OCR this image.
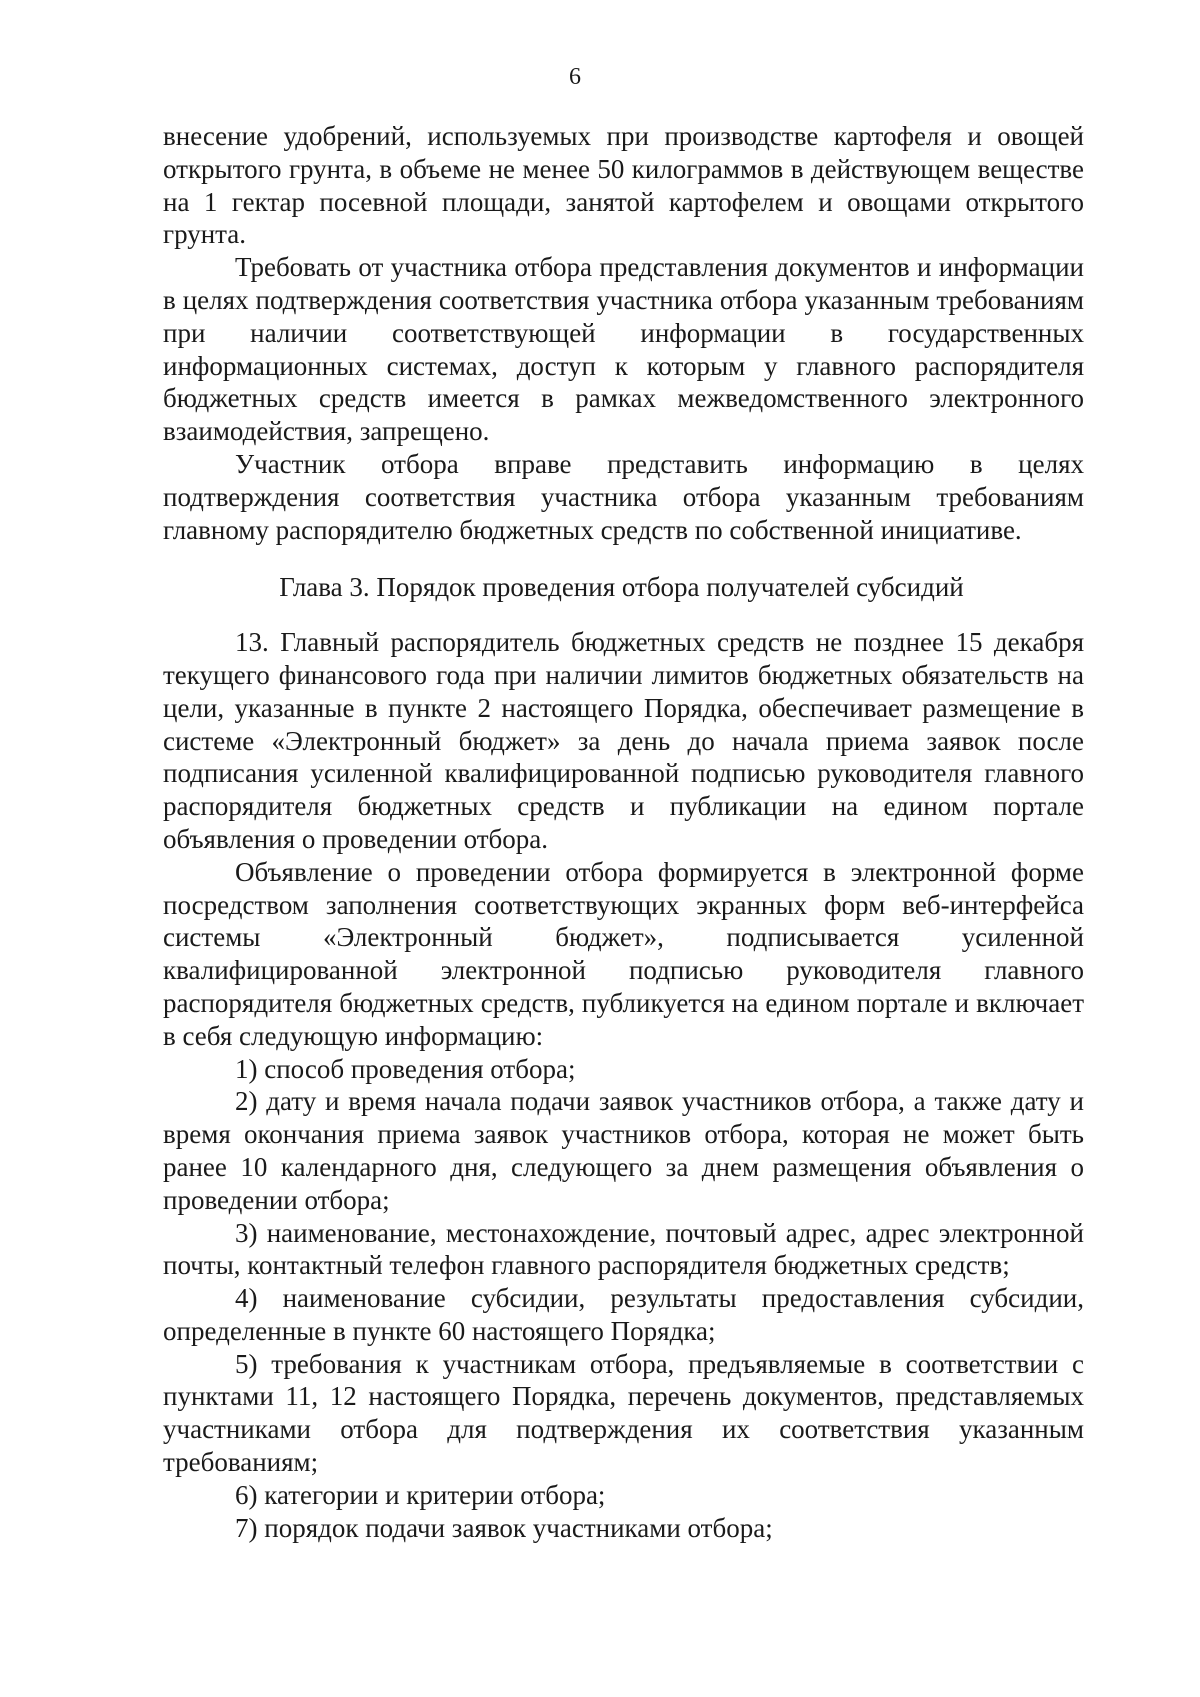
6

внесение удобрений, используемых при производстве картофеля и овощей открытого грунта, в объеме не менее 50 килограммов в действующем веществе на 1 гектар посевной площади, занятой картофелем и овощами открытого грунта.

Требовать от участника отбора представления документов и информации в целях подтверждения соответствия участника отбора указанным требованиям при наличии соответствующей информации в государственных информационных системах, доступ к которым у главного распорядителя бюджетных средств имеется в рамках межведомственного электронного взаимодействия, запрещено.

Участник отбора вправе представить информацию в целях подтверждения соответствия участника отбора указанным требованиям главному распорядителю бюджетных средств по собственной инициативе.

Глава 3. Порядок проведения отбора получателей субсидий

13. Главный распорядитель бюджетных средств не позднее 15 декабря текущего финансового года при наличии лимитов бюджетных обязательств на цели, указанные в пункте 2 настоящего Порядка, обеспечивает размещение в системе «Электронный бюджет» за день до начала приема заявок после подписания усиленной квалифицированной подписью руководителя главного распорядителя бюджетных средств и публикации на едином портале объявления о проведении отбора.

Объявление о проведении отбора формируется в электронной форме посредством заполнения соответствующих экранных форм веб-интерфейса системы «Электронный бюджет», подписывается усиленной квалифицированной электронной подписью руководителя главного распорядителя бюджетных средств, публикуется на едином портале и включает в себя следующую информацию:

1) способ проведения отбора;

2) дату и время начала подачи заявок участников отбора, а также дату и время окончания приема заявок участников отбора, которая не может быть ранее 10 календарного дня, следующего за днем размещения объявления о проведении отбора;

3) наименование, местонахождение, почтовый адрес, адрес электронной почты, контактный телефон главного распорядителя бюджетных средств;

4) наименование субсидии, результаты предоставления субсидии, определенные в пункте 60 настоящего Порядка;

5) требования к участникам отбора, предъявляемые в соответствии с пунктами 11, 12 настоящего Порядка, перечень документов, представляемых участниками отбора для подтверждения их соответствия указанным требованиям;

6) категории и критерии отбора;

7) порядок подачи заявок участниками отбора;
